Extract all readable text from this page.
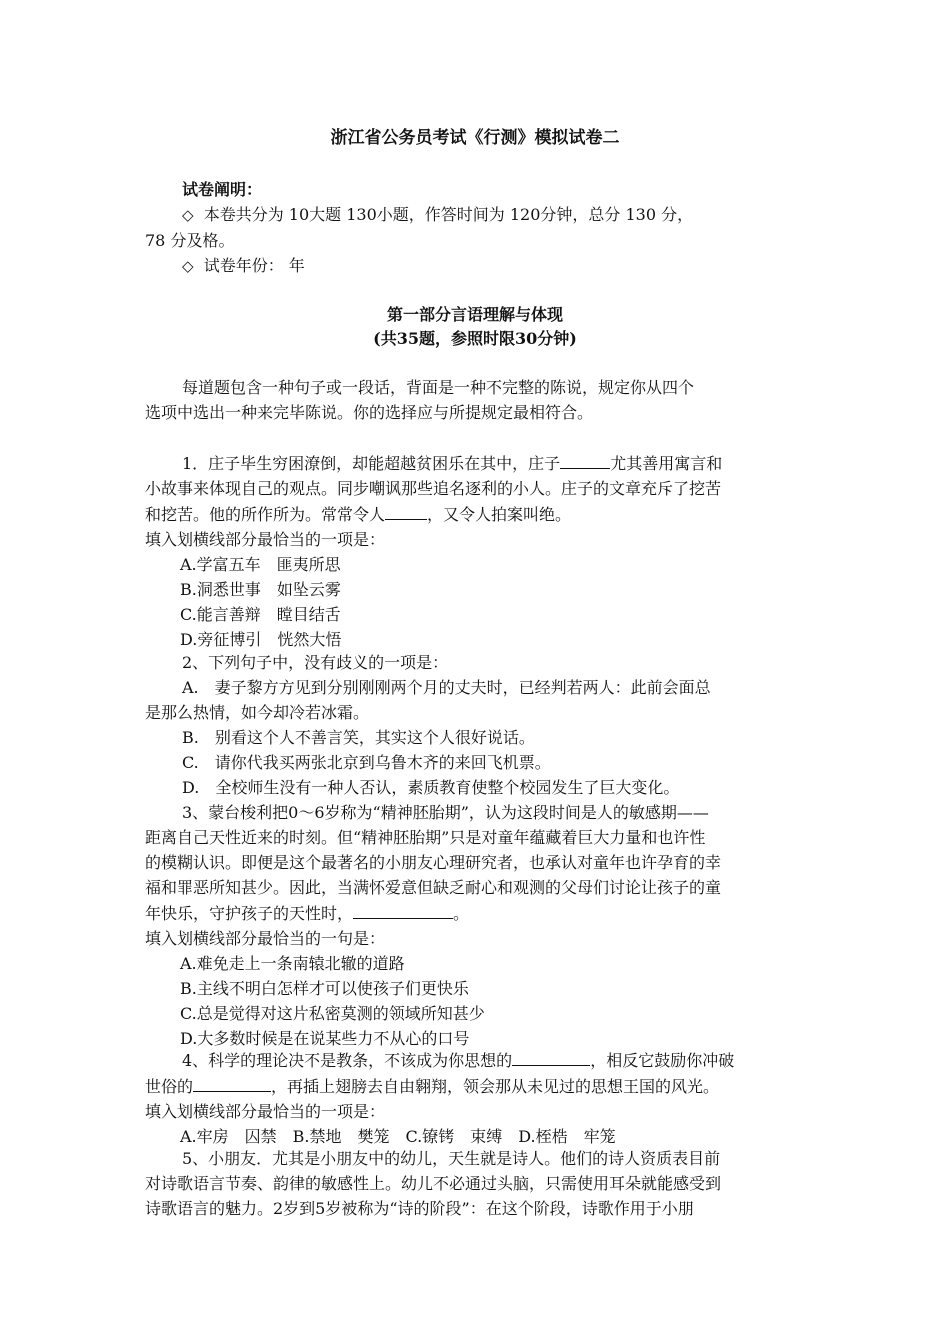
浙江省公务员考试《行测》模拟试卷二
试卷阐明：
◇ 本卷共分为 10大题 130小题，作答时间为 120分钟，总分 130 分，
78 分及格。
◇ 试卷年份： 年
第一部分言语理解与体现
(共35题，参照时限30分钟)
每道题包含一种句子或一段话，背面是一种不完整的陈说，规定你从四个
选项中选出一种来完毕陈说。你的选择应与所提规定最相符合。
1．庄子毕生穷困潦倒，却能超越贫困乐在其中，庄子	尤其善用寓言和
小故事来体现自己的观点。同步嘲讽那些追名逐利的小人。庄子的文章充斥了挖苦
和挖苦。他的所作所为。常常令人	，又令人拍案叫绝。
填入划横线部分最恰当的一项是：
A.学富五车　匪夷所思
B.洞悉世事　如坠云雾
C.能言善辩　瞠目结舌
D.旁征博引　恍然大悟
2、下列句子中，没有歧义的一项是：
A.　妻子黎方方见到分别刚刚两个月的丈夫时，已经判若两人：此前会面总
是那么热情，如今却冷若冰霜。
B.　别看这个人不善言笑，其实这个人很好说话。
C.　请你代我买两张北京到乌鲁木齐的来回飞机票。
D.　全校师生没有一种人否认，素质教育使整个校园发生了巨大变化。
3、蒙台梭利把0～6岁称为“精神胚胎期”，认为这段时间是人的敏感期——
距离自己天性近来的时刻。但“精神胚胎期”只是对童年蕴藏着巨大力量和也许性
的模糊认识。即便是这个最著名的小朋友心理研究者，也承认对童年也许孕育的幸
福和罪恶所知甚少。因此，当满怀爱意但缺乏耐心和观测的父母们讨论让孩子的童
年快乐，守护孩子的天性时，	。
填入划横线部分最恰当的一句是：
A.难免走上一条南辕北辙的道路
B.主线不明白怎样才可以使孩子们更快乐
C.总是觉得对这片私密莫测的领域所知甚少
D.大多数时候是在说某些力不从心的口号
4、科学的理论决不是教条，不该成为你思想的	，相反它鼓励你冲破
世俗的	，再插上翅膀去自由翱翔，领会那从未见过的思想王国的风光。
填入划横线部分最恰当的一项是：
A.牢房　囚禁　B.禁地　樊笼　C.镣铐　束缚　D.桎梏　牢笼
5、小朋友．尤其是小朋友中的幼儿，天生就是诗人。他们的诗人资质表目前
对诗歌语言节奏、韵律的敏感性上。幼儿不必通过头脑，只需使用耳朵就能感受到
诗歌语言的魅力。2岁到5岁被称为“诗的阶段”：在这个阶段，诗歌作用于小朋
